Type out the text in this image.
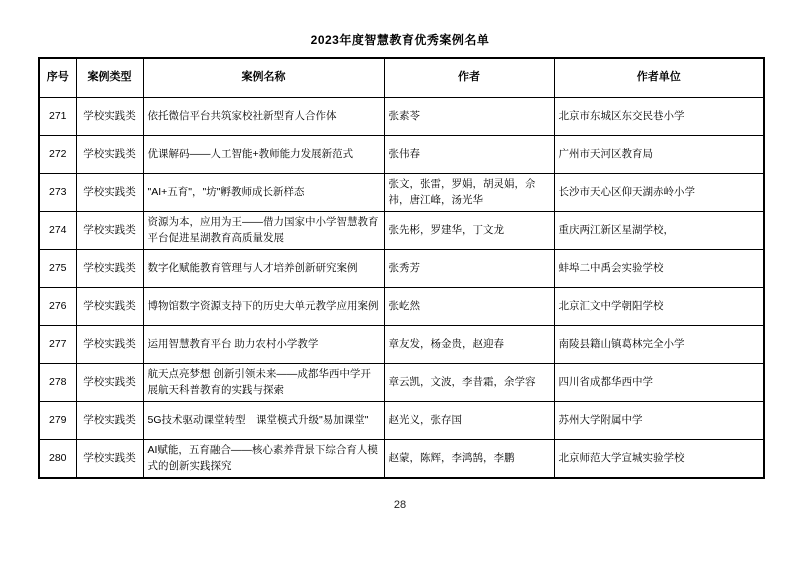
2023年度智慧教育优秀案例名单
序号	案例类型	案例名称	作者	作者单位
271	学校实践类	依托微信平台共筑家校社新型育人合作体	张素苓	北京市东城区东交民巷小学
272	学校实践类	优课解码——人工智能+教师能力发展新范式	张伟春	广州市天河区教育局
273	学校实践类	"AI+五育"，"坊"孵教师成长新样态	张文，张雷，罗娟，胡灵娟，佘祎，唐江峰，汤光华	长沙市天心区仰天湖赤岭小学
274	学校实践类	资源为本，应用为王——借力国家中小学智慧教育平台促进星湖教育高质量发展	张先彬，罗建华，丁文龙	重庆两江新区星湖学校，
275	学校实践类	数字化赋能教育管理与人才培养创新研究案例	张秀芳	蚌埠二中禹会实验学校
276	学校实践类	博物馆数字资源支持下的历史大单元教学应用案例	张屹然	北京汇文中学朝阳学校
277	学校实践类	运用智慧教育平台 助力农村小学教学	章友发，杨金贵，赵迎春	南陵县籍山镇葛林完全小学
278	学校实践类	航天点亮梦想 创新引领未来——成都华西中学开展航天科普教育的实践与探索	章云凯，文波，李昔霜，余学容	四川省成都华西中学
279	学校实践类	5G技术驱动课堂转型　课堂模式升级"易加课堂"	赵光义，张存国	苏州大学附属中学
280	学校实践类	AI赋能，五育融合——核心素养背景下综合育人模式的创新实践探究	赵蒙，陈辉，李鸿鹄，李鹏	北京师范大学宣城实验学校
28
